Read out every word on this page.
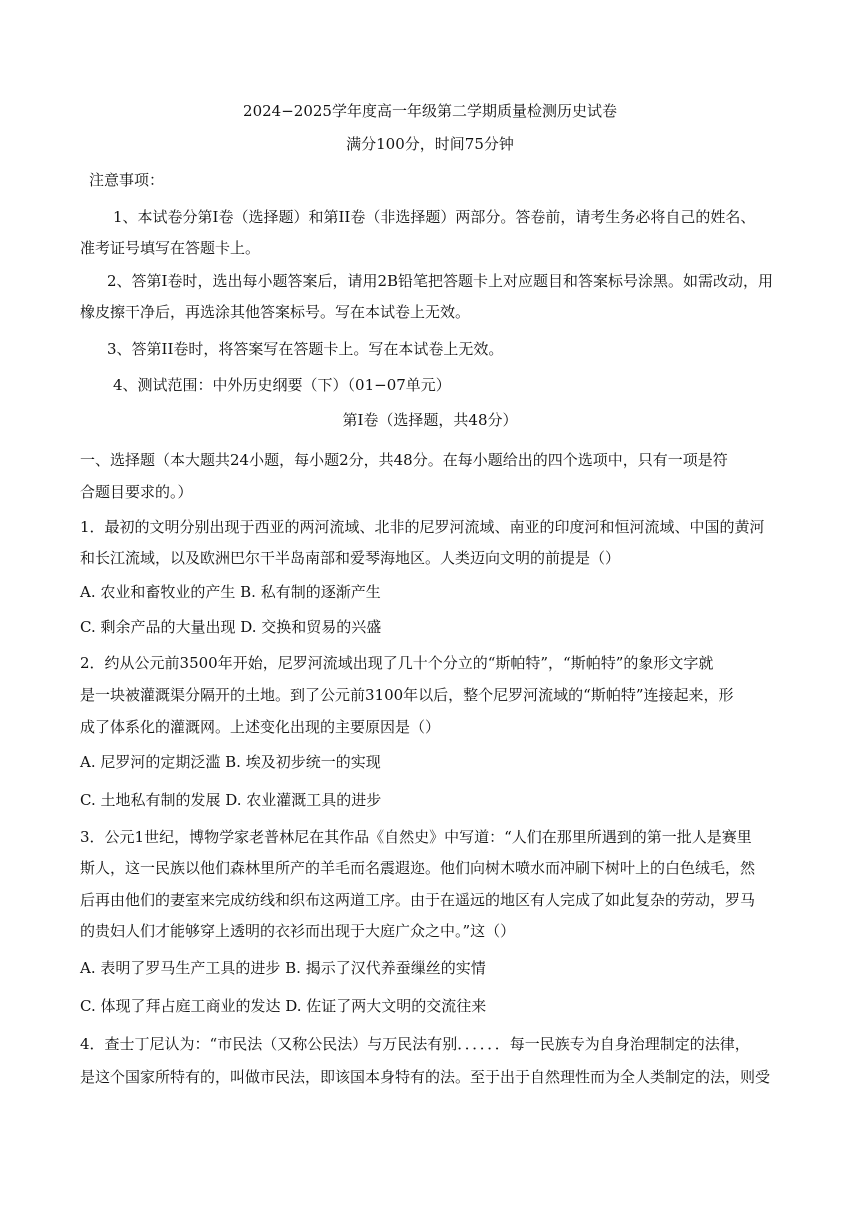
2024−2025学年度高一年级第二学期质量检测历史试卷
满分100分，时间75分钟
注意事项：
1、本试卷分第I卷（选择题）和第II卷（非选择题）两部分。答卷前，请考生务必将自己的姓名、
准考证号填写在答题卡上。
2、答第I卷时，选出每小题答案后，请用2B铅笔把答题卡上对应题目和答案标号涂黑。如需改动，用
橡皮擦干净后，再选涂其他答案标号。写在本试卷上无效。
3、答第II卷时，将答案写在答题卡上。写在本试卷上无效。
4、测试范围：中外历史纲要（下）（01−07单元）
第I卷（选择题，共48分）
一、选择题（本大题共24小题，每小题2分，共48分。在每小题给出的四个选项中，只有一项是符
合题目要求的。）
1．最初的文明分别出现于西亚的两河流域、北非的尼罗河流域、南亚的印度河和恒河流域、中国的黄河
和长江流域，以及欧洲巴尔干半岛南部和爱琴海地区。人类迈向文明的前提是（）
A. 农业和畜牧业的产生 B. 私有制的逐渐产生
C. 剩余产品的大量出现 D. 交换和贸易的兴盛
2．约从公元前3500年开始，尼罗河流域出现了几十个分立的“斯帕特”，“斯帕特”的象形文字就
是一块被灌溉渠分隔开的土地。到了公元前3100年以后，整个尼罗河流域的“斯帕特”连接起来，形
成了体系化的灌溉网。上述变化出现的主要原因是（）
A. 尼罗河的定期泛滥 B. 埃及初步统一的实现
C. 土地私有制的发展 D. 农业灌溉工具的进步
3．公元1世纪，博物学家老普林尼在其作品《自然史》中写道：“人们在那里所遇到的第一批人是赛里
斯人，这一民族以他们森林里所产的羊毛而名震遐迩。他们向树木喷水而冲刷下树叶上的白色绒毛，然
后再由他们的妻室来完成纺线和织布这两道工序。由于在遥远的地区有人完成了如此复杂的劳动，罗马
的贵妇人们才能够穿上透明的衣衫而出现于大庭广众之中。”这（）
A. 表明了罗马生产工具的进步 B. 揭示了汉代养蚕缫丝的实情
C. 体现了拜占庭工商业的发达 D. 佐证了两大文明的交流往来
4．查士丁尼认为：“市民法（又称公民法）与万民法有别．．．．．．每一民族专为自身治理制定的法律，
是这个国家所特有的，叫做市民法，即该国本身特有的法。至于出于自然理性而为全人类制定的法，则受
